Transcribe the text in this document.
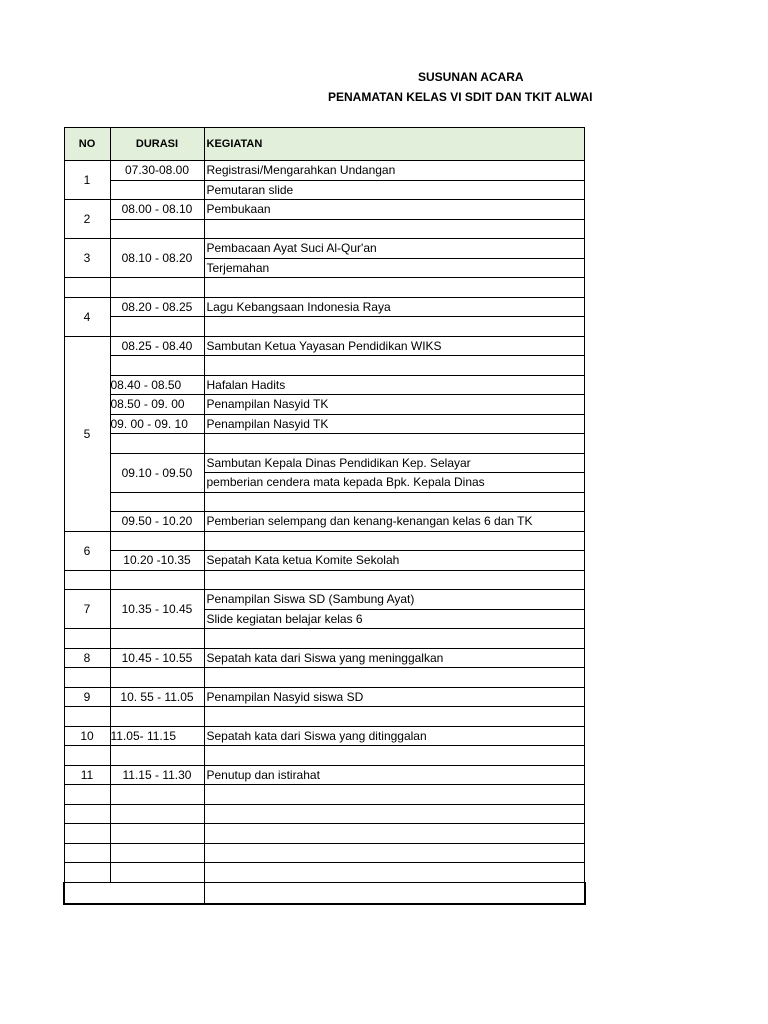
SUSUNAN ACARA
PENAMATAN KELAS VI SDIT DAN TKIT ALWAI
NO	DURASI	KEGIATAN
1	07.30-08.00	Registrasi/Mengarahkan Undangan
		Pemutaran slide
2	08.00 - 08.10	Pembukaan

3	08.10 - 08.20	Pembacaan Ayat Suci Al-Qur'an
		Terjemahan

4	08.20 - 08.25	Lagu Kebangsaan Indonesia Raya

5	08.25 - 08.40	Sambutan Ketua Yayasan Pendidikan WIKS

	08.40 - 08.50	Hafalan Hadits
	08.50 - 09. 00	Penampilan Nasyid TK
	09. 00 - 09. 10	Penampilan Nasyid TK

	09.10 - 09.50	Sambutan Kepala Dinas Pendidikan Kep. Selayar
		pemberian cendera mata kepada Bpk. Kepala Dinas

	09.50 - 10.20	Pemberian selempang dan kenang-kenangan kelas 6 dan TK
6		
	10.20 -10.35	Sepatah Kata ketua Komite Sekolah

7	10.35 - 10.45	Penampilan Siswa SD (Sambung Ayat)
		Slide kegiatan belajar kelas 6

8	10.45 - 10.55	Sepatah kata dari Siswa yang meninggalkan

9	10. 55 - 11.05	Penampilan Nasyid siswa SD

10	11.05- 11.15	Sepatah kata dari Siswa yang ditinggalan

11	11.15 - 11.30	Penutup dan istirahat
